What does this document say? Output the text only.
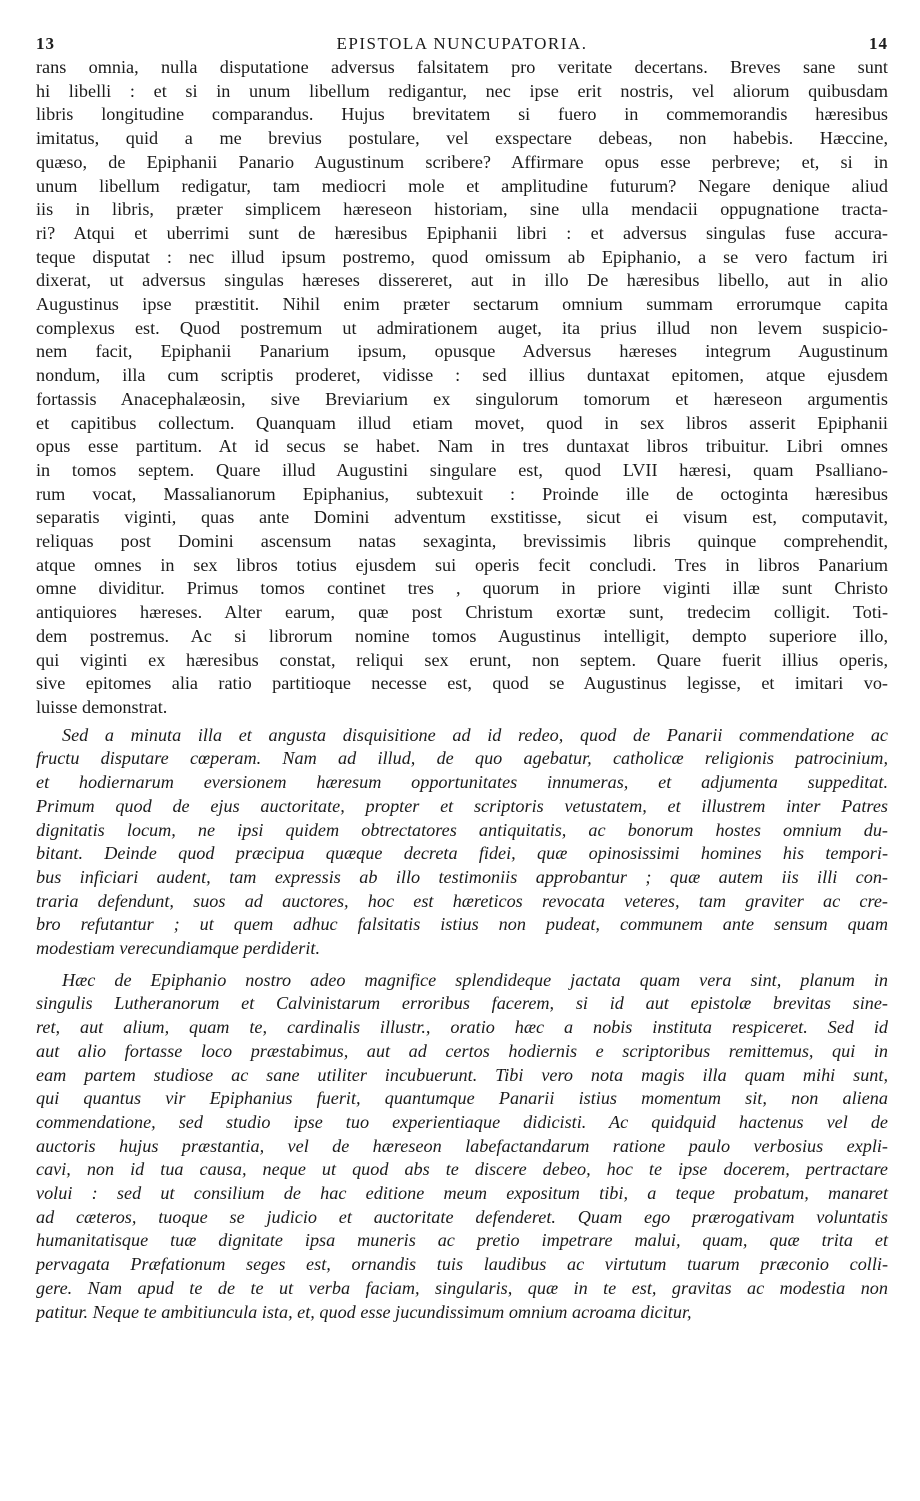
13	EPISTOLA NUNCUPATORIA.	14
rans omnia, nulla disputatione adversus falsitatem pro veritate decertans. Breves sane sunt
hi libelli : et si in unum libellum redigantur, nec ipse erit nostris, vel aliorum quibusdam
libris longitudine comparandus. Hujus brevitatem si fuero in commemorandis hæresibus
imitatus, quid a me brevius postulare, vel exspectare debeas, non habebis. Hæccine,
quæso, de Epiphanii Panario Augustinum scribere? Affirmare opus esse perbreve; et, si in
unum libellum redigatur, tam mediocri mole et amplitudine futurum? Negare denique aliud
iis in libris, præter simplicem hæreseon historiam, sine ulla mendacii oppugnatione tracta-
ri? Atqui et uberrimi sunt de hæresibus Epiphanii libri : et adversus singulas fuse accura-
teque disputat : nec illud ipsum postremo, quod omissum ab Epiphanio, a se vero factum iri
dixerat, ut adversus singulas hæreses dissereret, aut in illo De hæresibus libello, aut in alio
Augustinus ipse præstitit. Nihil enim præter sectarum omnium summam errorumque capita
complexus est. Quod postremum ut admirationem auget, ita prius illud non levem suspicio-
nem facit, Epiphanii Panarium ipsum, opusque Adversus hæreses integrum Augustinum
nondum, illa cum scriptis proderet, vidisse : sed illius duntaxat epitomen, atque ejusdem
fortassis Anacephalæosin, sive Breviarium ex singulorum tomorum et hæreseon argumentis
et capitibus collectum. Quanquam illud etiam movet, quod in sex libros asserit Epiphanii
opus esse partitum. At id secus se habet. Nam in tres duntaxat libros tribuitur. Libri omnes
in tomos septem. Quare illud Augustini singulare est, quod LVII hæresi, quam Psalliano-
rum vocat, Massalianorum Epiphanius, subtexuit : Proinde ille de octoginta hæresibus
separatis viginti, quas ante Domini adventum exstitisse, sicut ei visum est, computavit,
reliquas post Domini ascensum natas sexaginta, brevissimis libris quinque comprehendit,
atque omnes in sex libros totius ejusdem sui operis fecit concludi. Tres in libros Panarium
omne dividitur. Primus tomos continet tres , quorum in priore viginti illæ sunt Christo
antiquiores hæreses. Alter earum, quæ post Christum exortæ sunt, tredecim colligit. Toti-
dem postremus. Ac si librorum nomine tomos Augustinus intelligit, dempto superiore illo,
qui viginti ex hæresibus constat, reliqui sex erunt, non septem. Quare fuerit illius operis,
sive epitomes alia ratio partitioque necesse est, quod se Augustinus legisse, et imitari vo-
luisse demonstrat.
Sed a minuta illa et angusta disquisitione ad id redeo, quod de Panarii commendatione ac
fructu disputare cœperam. Nam ad illud, de quo agebatur, catholicæ religionis patrocinium,
et hodiernarum eversionem hæresum opportunitates innumeras, et adjumenta suppeditat.
Primum quod de ejus auctoritate, propter et scriptoris vetustatem, et illustrem inter Patres
dignitatis locum, ne ipsi quidem obtrectatores antiquitatis, ac bonorum hostes omnium du-
bitant. Deinde quod præcipua quæque decreta fidei, quæ opinosissimi homines his tempori-
bus inficiari audent, tam expressis ab illo testimoniis approbantur ; quæ autem iis illi con-
traria defendunt, suos ad auctores, hoc est hæreticos revocata veteres, tam graviter ac cre-
bro refutantur ; ut quem adhuc falsitatis istius non pudeat, communem ante sensum quam
modestiam verecundiamque perdiderit.
Hæc de Epiphanio nostro adeo magnifice splendideque jactata quam vera sint, planum in
singulis Lutheranorum et Calvinistarum erroribus facerem, si id aut epistolæ brevitas sine-
ret, aut alium, quam te, cardinalis illustr., oratio hæc a nobis instituta respiceret. Sed id
aut alio fortasse loco præstabimus, aut ad certos hodiernis e scriptoribus remittemus, qui in
eam partem studiose ac sane utiliter incubuerunt. Tibi vero nota magis illa quam mihi sunt,
qui quantus vir Epiphanius fuerit, quantumque Panarii istius momentum sit, non aliena
commendatione, sed studio ipse tuo experientiaque didicisti. Ac quidquid hactenus vel de
auctoris hujus præstantia, vel de hæreseon labefactandarum ratione paulo verbosius expli-
cavi, non id tua causa, neque ut quod abs te discere debeo, hoc te ipse docerem, pertractare
volui : sed ut consilium de hac editione meum expositum tibi, a teque probatum, manaret
ad cæteros, tuoque se judicio et auctoritate defenderet. Quam ego prærogativam voluntatis
humanitatisque tuæ dignitate ipsa muneris ac pretio impetrare malui, quam, quæ trita et
pervagata Præfationum seges est, ornandis tuis laudibus ac virtutum tuarum præconio colli-
gere. Nam apud te de te ut verba faciam, singularis, quæ in te est, gravitas ac modestia non
patitur. Neque te ambitiuncula ista, et, quod esse jucundissimum omnium acroama dicitur,
